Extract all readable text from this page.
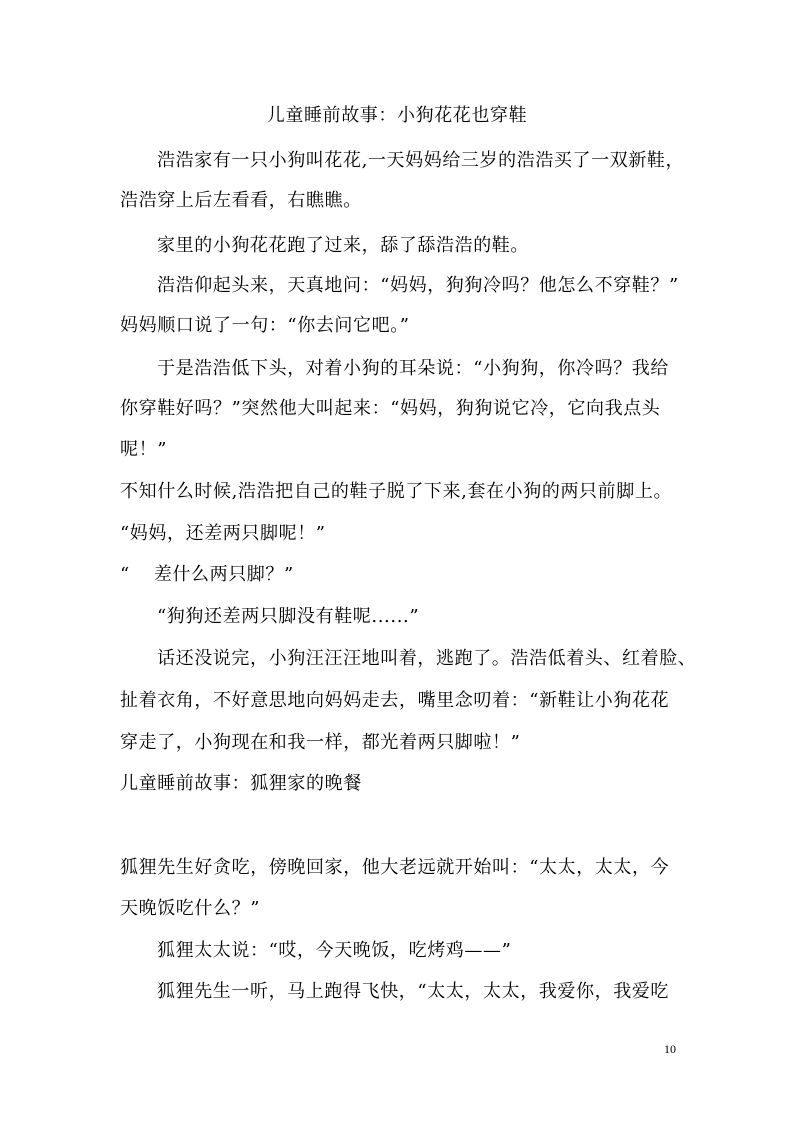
儿童睡前故事：小狗花花也穿鞋
浩浩家有一只小狗叫花花,一天妈妈给三岁的浩浩买了一双新鞋，
浩浩穿上后左看看，右瞧瞧。
家里的小狗花花跑了过来，舔了舔浩浩的鞋。
浩浩仰起头来，天真地问：“妈妈，狗狗冷吗？他怎么不穿鞋？”
妈妈顺口说了一句：“你去问它吧。”
于是浩浩低下头，对着小狗的耳朵说：“小狗狗，你冷吗？我给
你穿鞋好吗？”突然他大叫起来：“妈妈，狗狗说它冷，它向我点头
呢！”
不知什么时候,浩浩把自己的鞋子脱了下来,套在小狗的两只前脚上。
“妈妈，还差两只脚呢！”
“ 差什么两只脚？”
“狗狗还差两只脚没有鞋呢......”
话还没说完，小狗汪汪汪地叫着，逃跑了。浩浩低着头、红着脸、
扯着衣角，不好意思地向妈妈走去，嘴里念叨着：“新鞋让小狗花花
穿走了，小狗现在和我一样，都光着两只脚啦！”
儿童睡前故事：狐狸家的晚餐
狐狸先生好贪吃，傍晚回家，他大老远就开始叫：“太太，太太，今
天晚饭吃什么？”
狐狸太太说：“哎，今天晚饭，吃烤鸡——”
狐狸先生一听，马上跑得飞快，“太太，太太，我爱你，我爱吃
10
